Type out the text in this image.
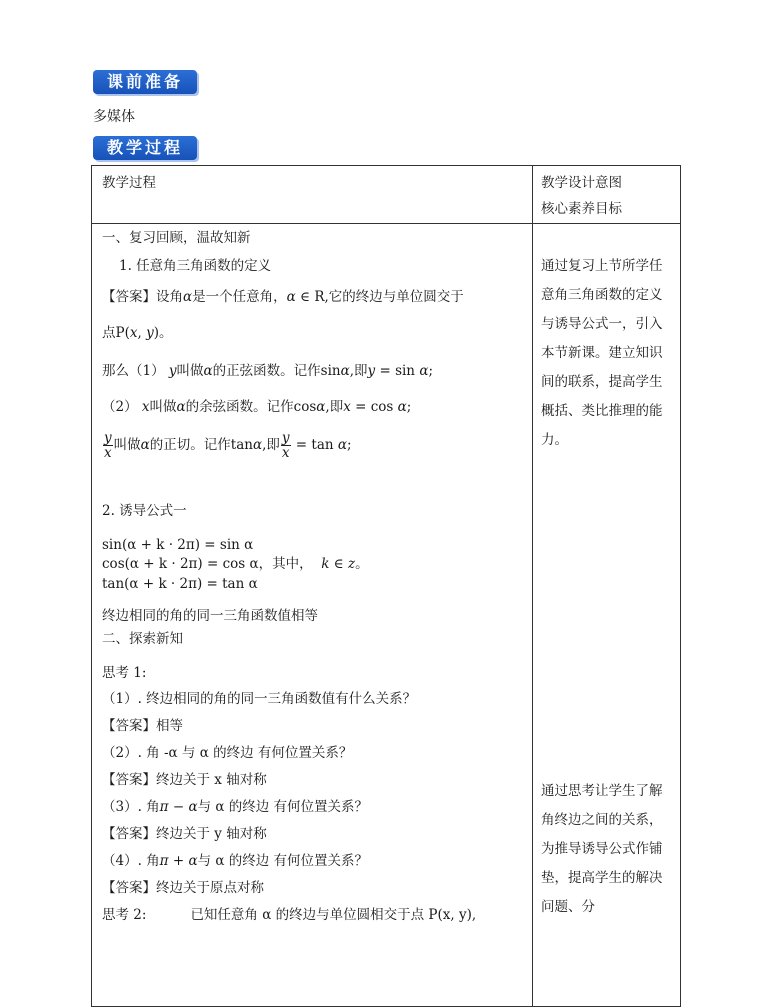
课前准备
多媒体
教学过程
教学过程	教学设计意图
核心素养目标
一、复习回顾，温故知新
1. 任意角三角函数的定义
【答案】设角α是一个任意角，α ∈ R,它的终边与单位圆交于
点P(x, y)。
那么（1） y叫做α的正弦函数。记作sinα,即y = sin α;
（2） x叫做α的余弦函数。记作cosα,即x = cos α;
$\frac{y}{x}$ 叫做α的正切。记作tanα,即 $\frac{y}{x} = \tan \alpha$;
2. 诱导公式一
sin(α + k · 2π) = sin α
cos(α + k · 2π) = cos α，其中， k ∈ z。
tan(α + k · 2π) = tan α
终边相同的角的同一三角函数值相等
二、探索新知
思考 1:
（1）. 终边相同的角的同一三角函数值有什么关系？
【答案】相等
（2）. 角 -α 与 α 的终边 有何位置关系？
【答案】终边关于 x 轴对称
（3）. 角π − α与 α 的终边 有何位置关系？
【答案】终边关于 y 轴对称
（4）. 角π + α与 α 的终边 有何位置关系？
【答案】终边关于原点对称
思考 2:	已知任意角 α 的终边与单位圆相交于点 P(x, y),
通过复习上节所学任意角三角函数的定义与诱导公式一，引入本节新课。建立知识间的联系，提高学生概括、类比推理的能力。
通过思考让学生了解角终边之间的关系，为推导诱导公式作铺垫，提高学生的解决问题、分
